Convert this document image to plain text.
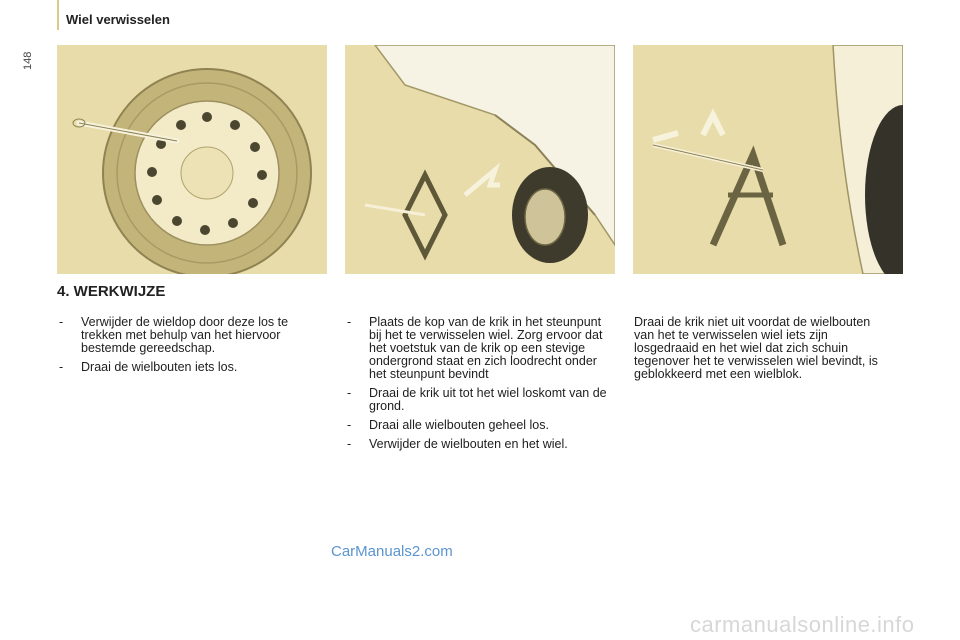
Wiel verwisselen
148
4. WERKWIJZE
- Verwijder de wieldop door deze los te trekken met behulp van het hiervoor bestemde gereedschap.
- Draai de wielbouten iets los.
- Plaats de kop van de krik in het steunpunt bij het te verwisselen wiel. Zorg ervoor dat het voetstuk van de krik op een stevige ondergrond staat en zich loodrecht onder het steunpunt bevindt
- Draai de krik uit tot het wiel loskomt van de grond.
- Draai alle wielbouten geheel los.
- Verwijder de wielbouten en het wiel.

Draai de krik niet uit voordat de wielbouten van het te verwisselen wiel iets zijn losgedraaid en het wiel dat zich schuin tegenover het te verwisselen wiel bevindt, is geblokkeerd met een wielblok.

CarManuals2.com
carmanualsonline.info
